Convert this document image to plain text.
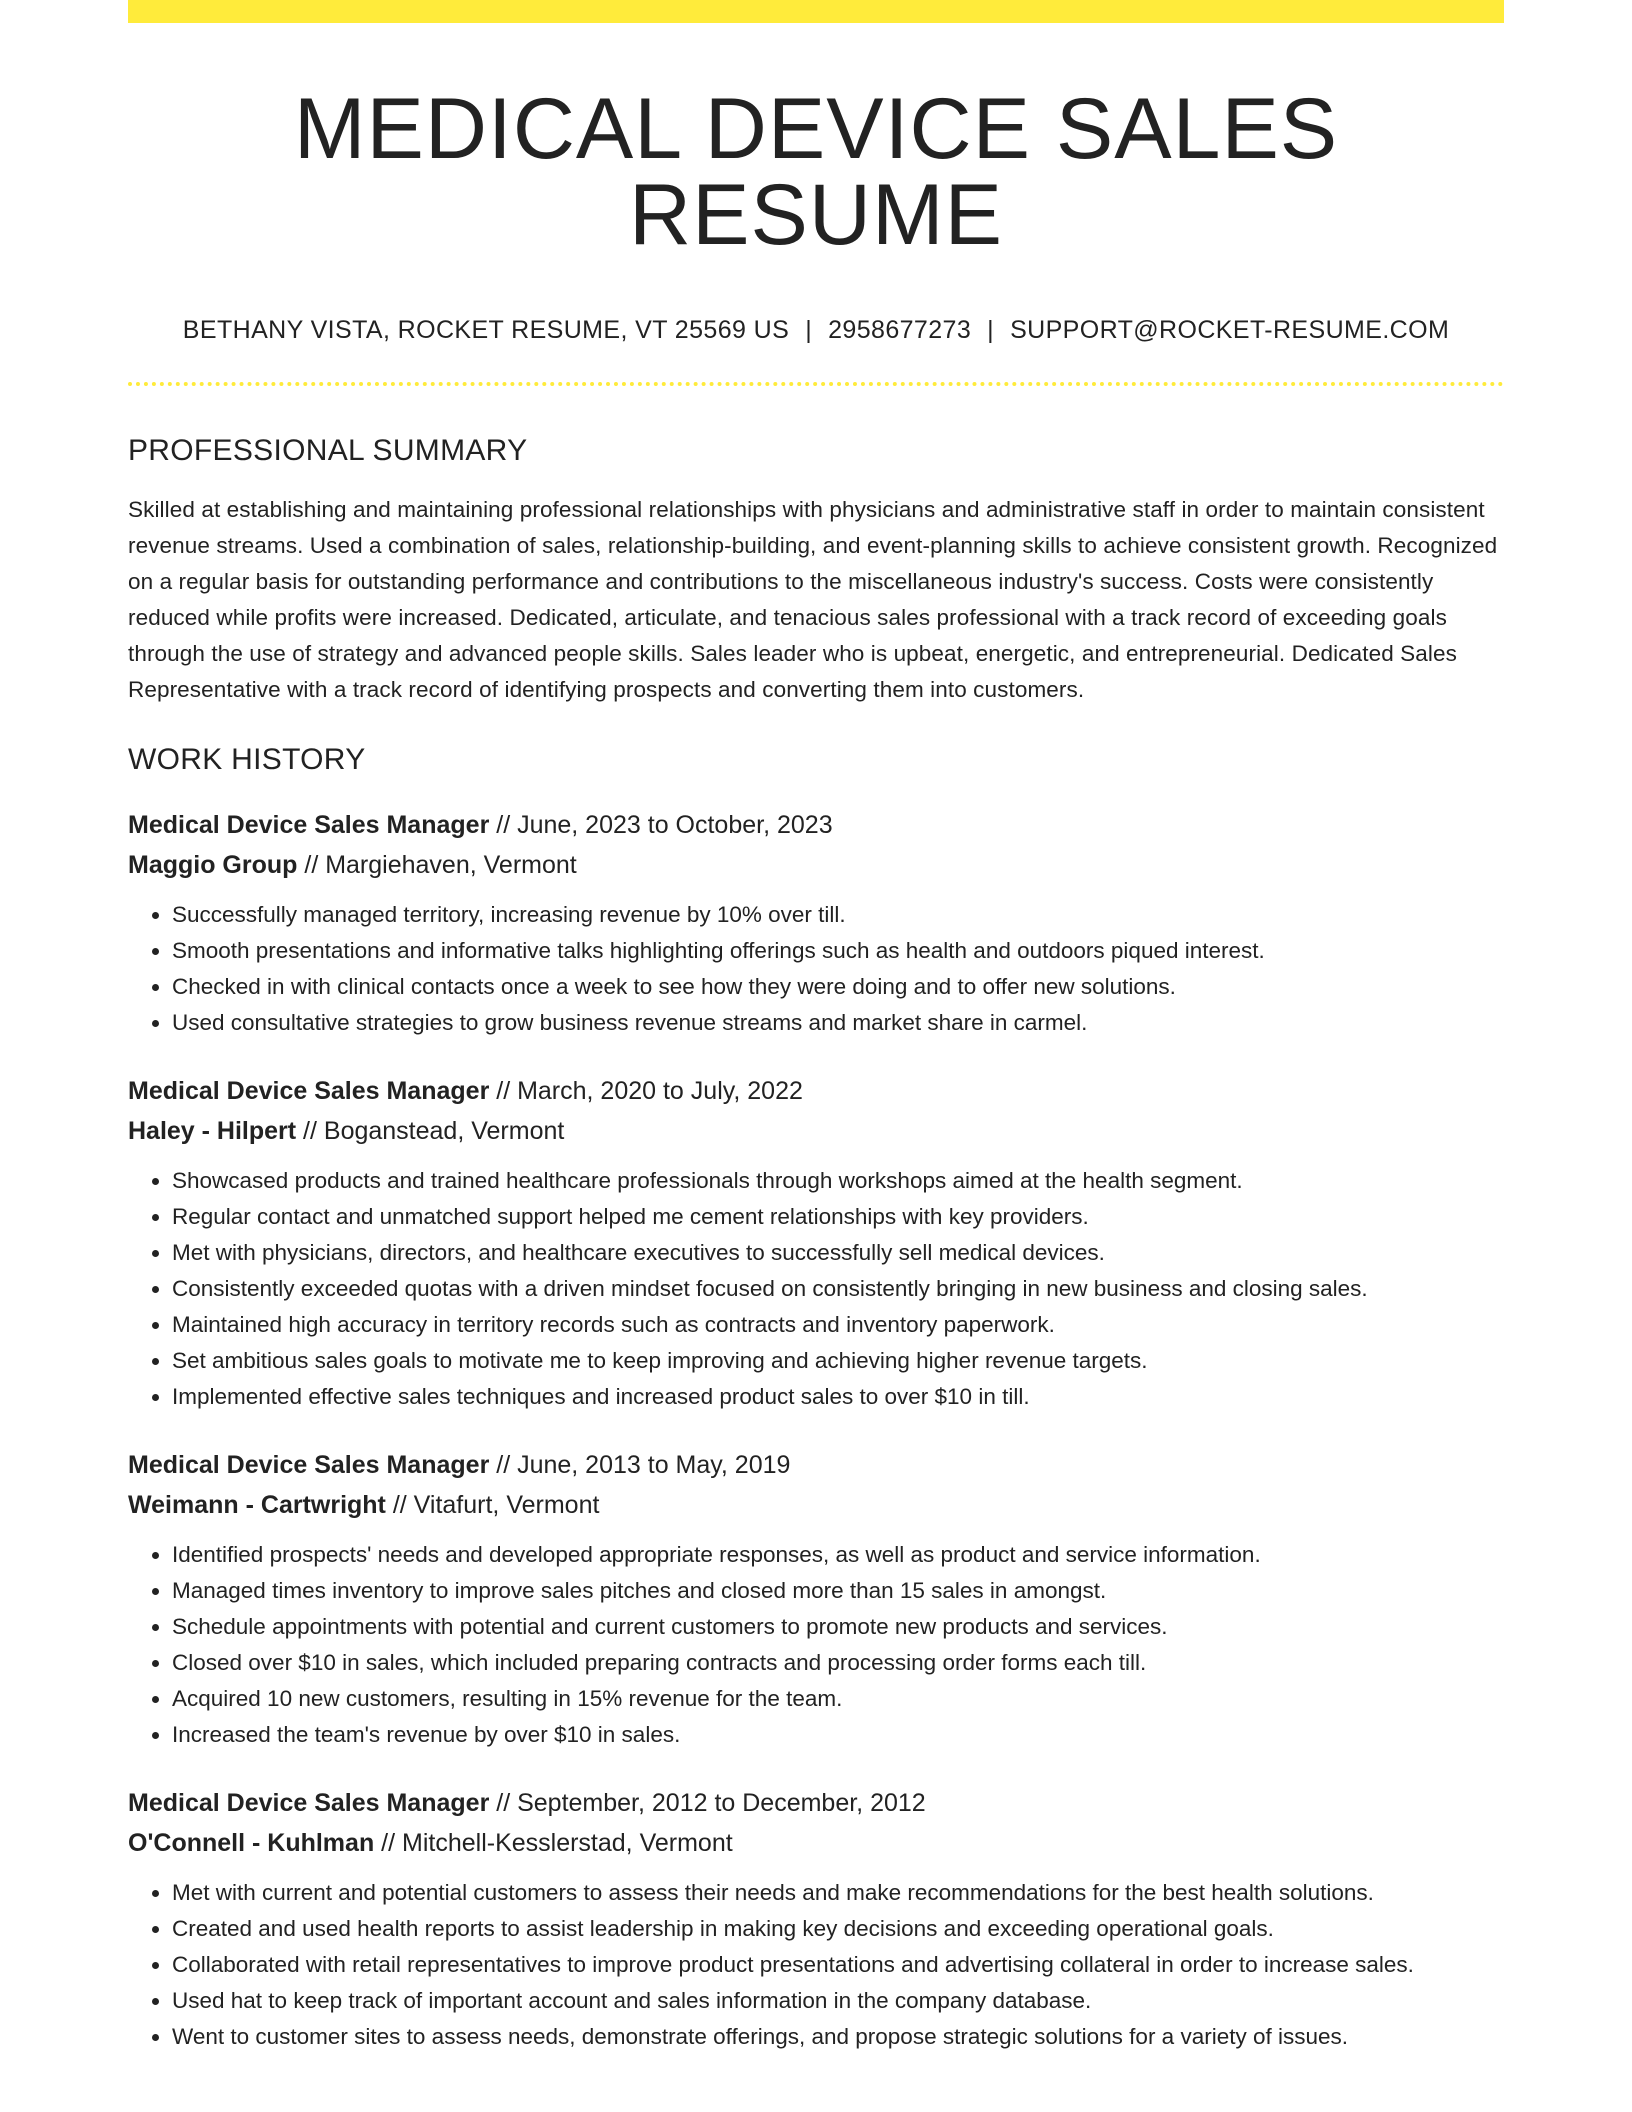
MEDICAL DEVICE SALES RESUME
BETHANY VISTA, ROCKET RESUME, VT 25569 US | 2958677273 | SUPPORT@ROCKET-RESUME.COM
PROFESSIONAL SUMMARY

Skilled at establishing and maintaining professional relationships with physicians and administrative staff in order to maintain consistent revenue streams. Used a combination of sales, relationship-building, and event-planning skills to achieve consistent growth. Recognized on a regular basis for outstanding performance and contributions to the miscellaneous industry's success. Costs were consistently reduced while profits were increased. Dedicated, articulate, and tenacious sales professional with a track record of exceeding goals through the use of strategy and advanced people skills. Sales leader who is upbeat, energetic, and entrepreneurial. Dedicated Sales Representative with a track record of identifying prospects and converting them into customers.

WORK HISTORY
Medical Device Sales Manager // June, 2023 to October, 2023
Maggio Group // Margiehaven, Vermont
• Successfully managed territory, increasing revenue by 10% over till.
• Smooth presentations and informative talks highlighting offerings such as health and outdoors piqued interest.
• Checked in with clinical contacts once a week to see how they were doing and to offer new solutions.
• Used consultative strategies to grow business revenue streams and market share in carmel.
Medical Device Sales Manager // March, 2020 to July, 2022
Haley - Hilpert // Boganstead, Vermont
• Showcased products and trained healthcare professionals through workshops aimed at the health segment.
• Regular contact and unmatched support helped me cement relationships with key providers.
• Met with physicians, directors, and healthcare executives to successfully sell medical devices.
• Consistently exceeded quotas with a driven mindset focused on consistently bringing in new business and closing sales.
• Maintained high accuracy in territory records such as contracts and inventory paperwork.
• Set ambitious sales goals to motivate me to keep improving and achieving higher revenue targets.
• Implemented effective sales techniques and increased product sales to over $10 in till.
Medical Device Sales Manager // June, 2013 to May, 2019
Weimann - Cartwright // Vitafurt, Vermont
• Identified prospects' needs and developed appropriate responses, as well as product and service information.
• Managed times inventory to improve sales pitches and closed more than 15 sales in amongst.
• Schedule appointments with potential and current customers to promote new products and services.
• Closed over $10 in sales, which included preparing contracts and processing order forms each till.
• Acquired 10 new customers, resulting in 15% revenue for the team.
• Increased the team's revenue by over $10 in sales.
Medical Device Sales Manager // September, 2012 to December, 2012
O'Connell - Kuhlman // Mitchell-Kesslerstad, Vermont
• Met with current and potential customers to assess their needs and make recommendations for the best health solutions.
• Created and used health reports to assist leadership in making key decisions and exceeding operational goals.
• Collaborated with retail representatives to improve product presentations and advertising collateral in order to increase sales.
• Used hat to keep track of important account and sales information in the company database.
• Went to customer sites to assess needs, demonstrate offerings, and propose strategic solutions for a variety of issues.
